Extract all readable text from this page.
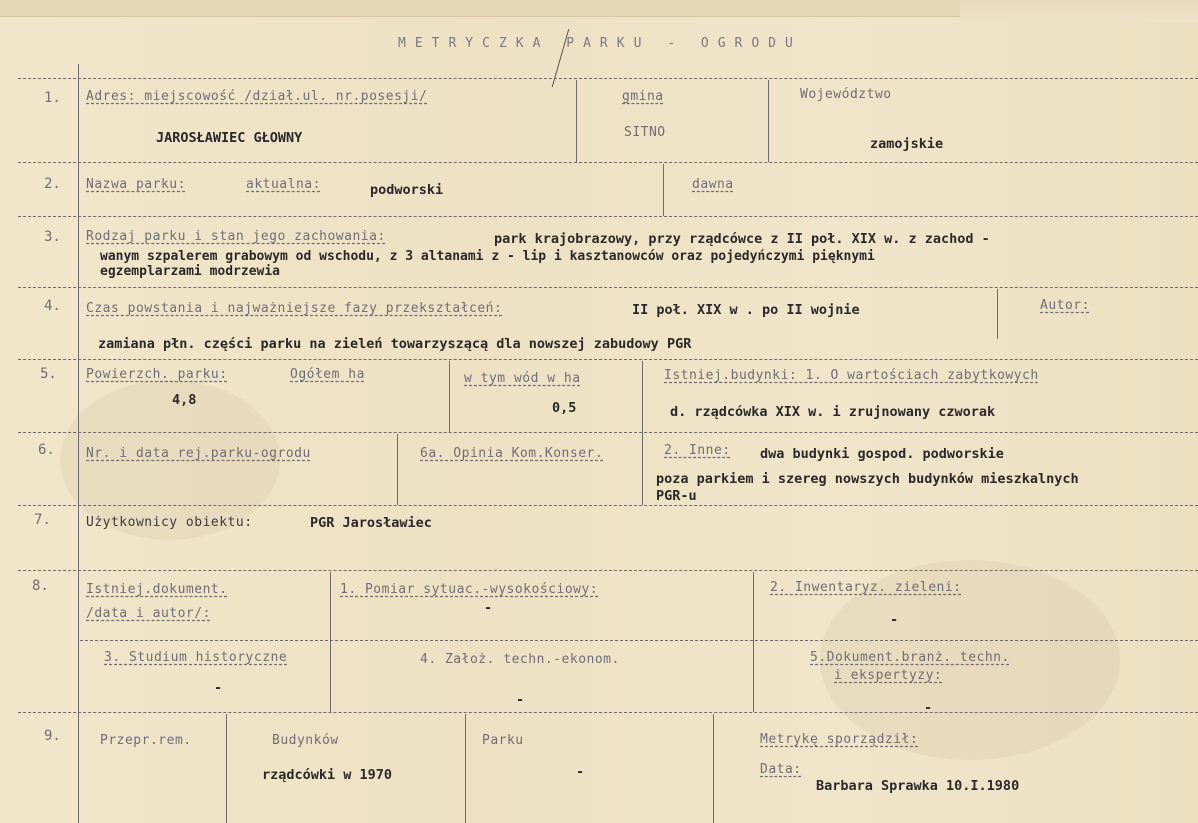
METRYCZKA PARKU - OGRODU
1. Adres: miejscowość /dział.ul. nr.posesji/
JAROSŁAWIEC GŁOWNY
gmina
SITNO
Województwo
zamojskie
2. Nazwa parku:	aktualna:	podworski	dawna
3. Rodzaj parku i stan jego zachowania:	park krajobrazowy, przy rządcówce z II poł. XIX w. z zachod -
wanym szpalerem grabowym od wschodu, z 3 altanami z - lip i kasztanowców oraz pojedyńczymi pięknymi
egzemplarzami modrzewia
4. Czas powstania i najważniejsze fazy przekształceń:	II poł. XIX w . po II wojnie	Autor:
zamiana płn. części parku na zieleń towarzyszącą dla nowszej zabudowy PGR
5. Powierzch. parku:	Ogółem ha
4,8
w tym wód w ha
0,5
Istniej.budynki: 1. O wartościach zabytkowych
d. rządcówka XIX w. i zrujnowany czworak
6. Nr. i data rej.parku-ogrodu	6a. Opinia Kom.Konser.	2. Inne: dwa budynki gospod. podworskie
poza parkiem i szereg nowszych budynków mieszkalnych
PGR-u
7.	Użytkownicy obiektu:	PGR Jarosławiec
8.	Istniej.dokument.
/data i autor/:
1. Pomiar sytuac.-wysokościowy:
-
2. Inwentaryz. zieleni:
-
3. Studium historyczne
-
4. Założ. techn.-ekonom.
-
5.Dokument.branż. techn.
i ekspertyzy:
-
9.	Przepr.rem.	Budynków
rządcówki w 1970
Parku
-
Metrykę sporządził:
Data:
Barbara Sprawka 10.I.1980
